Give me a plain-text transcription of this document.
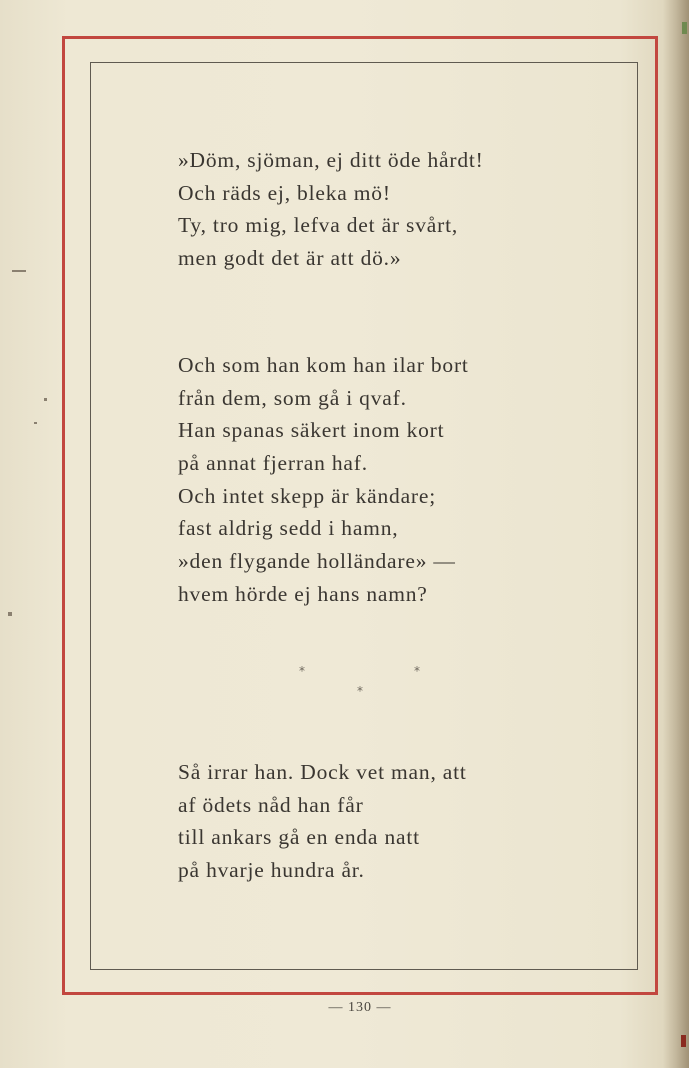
»Döm, sjöman, ej ditt öde hårdt!
Och räds ej, bleka mö!
Ty, tro mig, lefva det är svårt,
men godt det är att dö.»
Och som han kom han ilar bort
från dem, som gå i qvaf.
Han spanas säkert inom kort
på annat fjerran haf.
Och intet skepp är kändare;
fast aldrig sedd i hamn,
»den flygande holländare» —
hvem hörde ej hans namn?
*	*
*
Så irrar han. Dock vet man, att
af ödets nåd han får
till ankars gå en enda natt
på hvarje hundra år.
— 130 —
